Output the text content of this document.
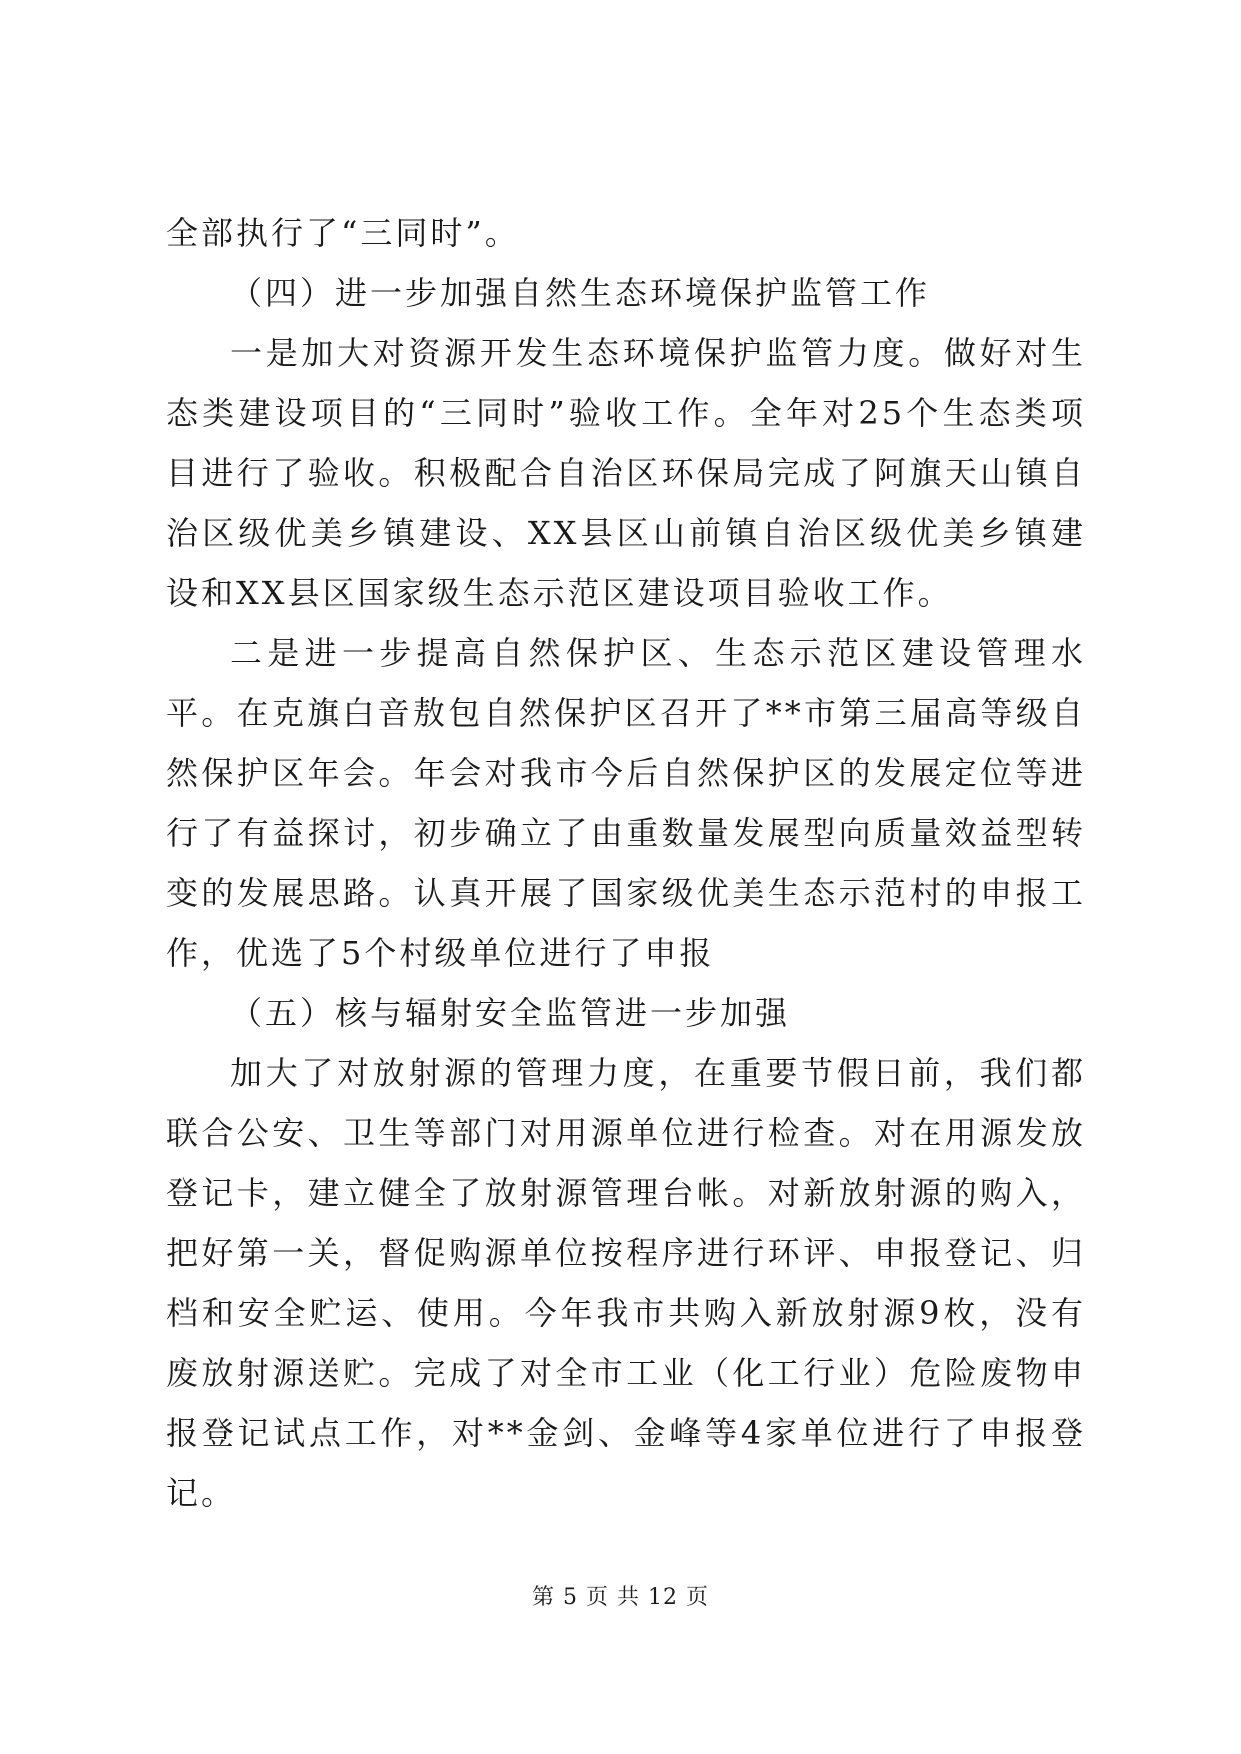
全部执行了“三同时”。

（四）进一步加强自然生态环境保护监管工作

一是加大对资源开发生态环境保护监管力度。做好对生态类建设项目的“三同时”验收工作。全年对25个生态类项目进行了验收。积极配合自治区环保局完成了阿旗天山镇自治区级优美乡镇建设、XX县区山前镇自治区级优美乡镇建设和XX县区国家级生态示范区建设项目验收工作。

二是进一步提高自然保护区、生态示范区建设管理水平。在克旗白音敖包自然保护区召开了**市第三届高等级自然保护区年会。年会对我市今后自然保护区的发展定位等进行了有益探讨，初步确立了由重数量发展型向质量效益型转变的发展思路。认真开展了国家级优美生态示范村的申报工作，优选了5个村级单位进行了申报

（五）核与辐射安全监管进一步加强

加大了对放射源的管理力度，在重要节假日前，我们都联合公安、卫生等部门对用源单位进行检查。对在用源发放登记卡，建立健全了放射源管理台帐。对新放射源的购入，把好第一关，督促购源单位按程序进行环评、申报登记、归档和安全贮运、使用。今年我市共购入新放射源9枚，没有废放射源送贮。完成了对全市工业（化工行业）危险废物申报登记试点工作，对**金剑、金峰等4家单位进行了申报登记。

第 5 页 共 12 页
